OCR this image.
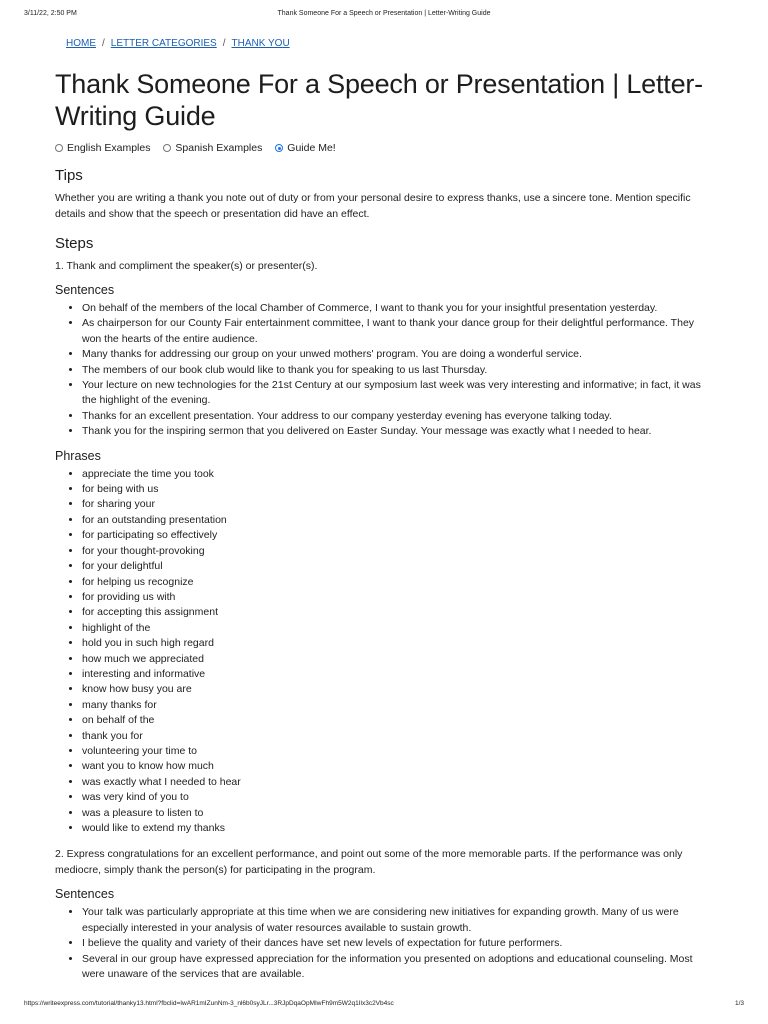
3/11/22, 2:50 PM	Thank Someone For a Speech or Presentation | Letter-Writing Guide
HOME / LETTER CATEGORIES / THANK YOU
Thank Someone For a Speech or Presentation | Letter-Writing Guide
English Examples
Spanish Examples
Guide Me!
Tips

Whether you are writing a thank you note out of duty or from your personal desire to express thanks, use a sincere tone. Mention specific details and show that the speech or presentation did have an effect.

Steps

1. Thank and compliment the speaker(s) or presenter(s).

Sentences
• On behalf of the members of the local Chamber of Commerce, I want to thank you for your insightful presentation yesterday.
• As chairperson for our County Fair entertainment committee, I want to thank your dance group for their delightful performance. They won the hearts of the entire audience.
• Many thanks for addressing our group on your unwed mothers' program. You are doing a wonderful service.
• The members of our book club would like to thank you for speaking to us last Thursday.
• Your lecture on new technologies for the 21st Century at our symposium last week was very interesting and informative; in fact, it was the highlight of the evening.
• Thanks for an excellent presentation. Your address to our company yesterday evening has everyone talking today.
• Thank you for the inspiring sermon that you delivered on Easter Sunday. Your message was exactly what I needed to hear.
Phrases
• appreciate the time you took
• for being with us
• for sharing your
• for an outstanding presentation
• for participating so effectively
• for your thought-provoking
• for your delightful
• for helping us recognize
• for providing us with
• for accepting this assignment
• highlight of the
• hold you in such high regard
• how much we appreciated
• interesting and informative
• know how busy you are
• many thanks for
• on behalf of the
• thank you for
• volunteering your time to
• want you to know how much
• was exactly what I needed to hear
• was very kind of you to
• was a pleasure to listen to
• would like to extend my thanks

2. Express congratulations for an excellent performance, and point out some of the more memorable parts. If the performance was only mediocre, simply thank the person(s) for participating in the program.

Sentences
• Your talk was particularly appropriate at this time when we are considering new initiatives for expanding growth. Many of us were especially interested in your analysis of water resources available to sustain growth.
• I believe the quality and variety of their dances have set new levels of expectation for future performers.
• Several in our group have expressed appreciation for the information you presented on adoptions and educational counseling. Most were unaware of the services that are available.
https://writeexpress.com/tutorial/thanky13.html?fbclid=IwAR1mIZunNm-3_nl6b0syJLr...3RJpDqaOpMIwFh9m5W2q1Ilx3c2Vb4sc	1/3
